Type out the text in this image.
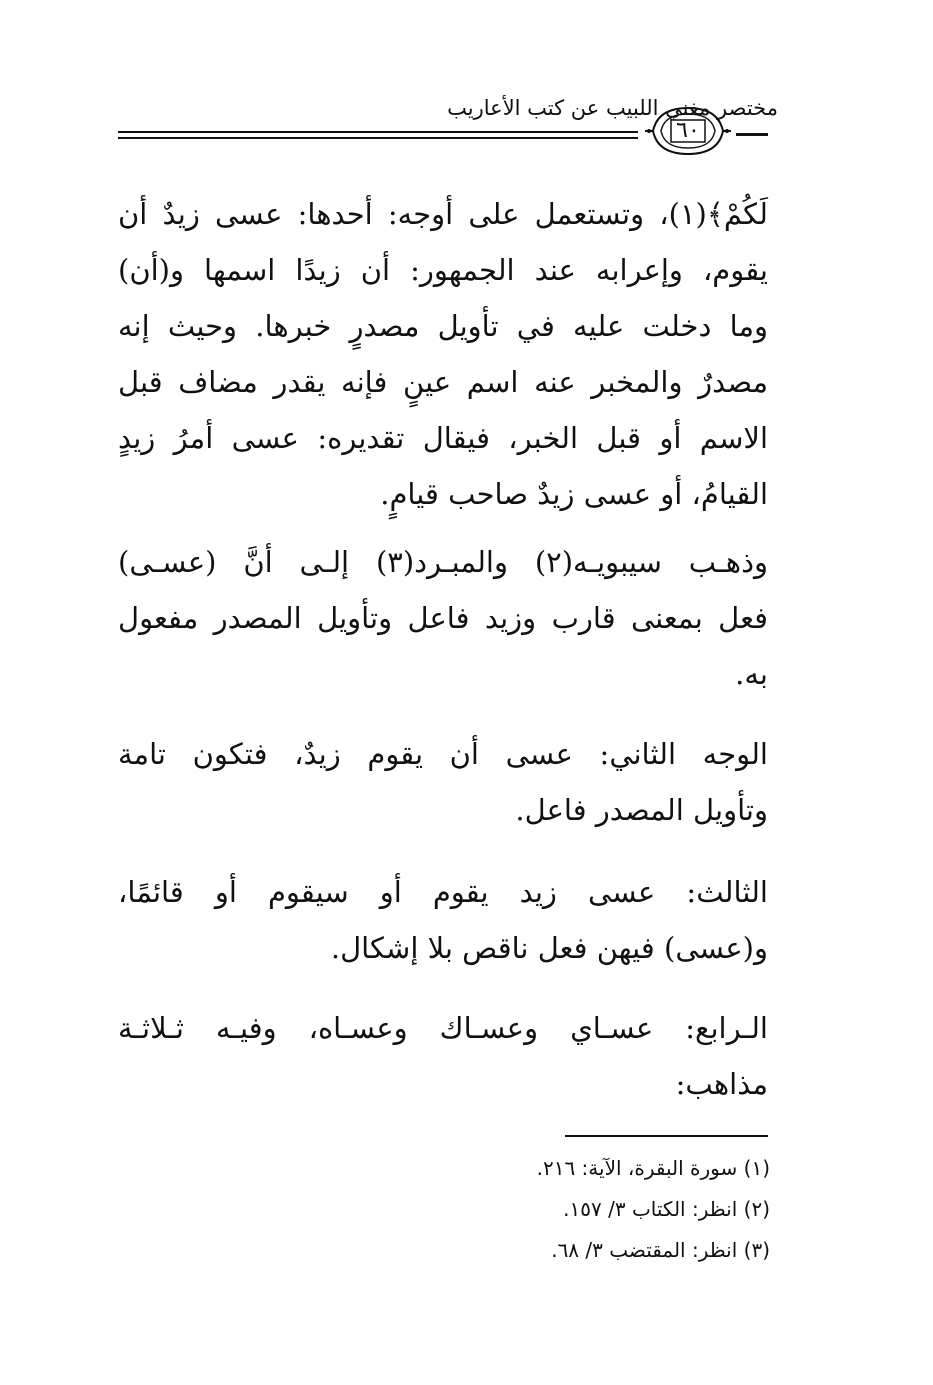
مختصر مغني اللبيب عن كتب الأعاريب
٦٠
لَكُمْ﴾(١)، وتستعمل على أوجه: أحدها: عسى زيدٌ أن
يقوم، وإعرابه عند الجمهور: أن زيدًا اسمها و(أن)
وما دخلت عليه في تأويل مصدرٍ خبرها. وحيث إنه
مصدرٌ والمخبر عنه اسم عينٍ فإنه يقدر مضاف قبل
الاسم أو قبل الخبر، فيقال تقديره: عسى أمرُ زيدٍ
القيامُ، أو عسى زيدٌ صاحب قيامٍ.
وذهـب سيبويـه(٢) والمبـرد(٣) إلـى أنَّ (عسـى)
فعل بمعنى قارب وزيد فاعل وتأويل المصدر مفعول
به.
الوجه الثاني: عسى أن يقوم زيدٌ، فتكون تامة
وتأويل المصدر فاعل.
الثالث: عسى زيد يقوم أو سيقوم أو قائمًا،
و(عسى) فيهن فعل ناقص بلا إشكال.
الـرابع: عسـاي وعسـاك وعسـاه، وفيـه ثـلاثـة
مذاهب:
(١) سورة البقرة، الآية: ٢١٦.
(٢) انظر: الكتاب ٣/ ١٥٧.
(٣) انظر: المقتضب ٣/ ٦٨.
